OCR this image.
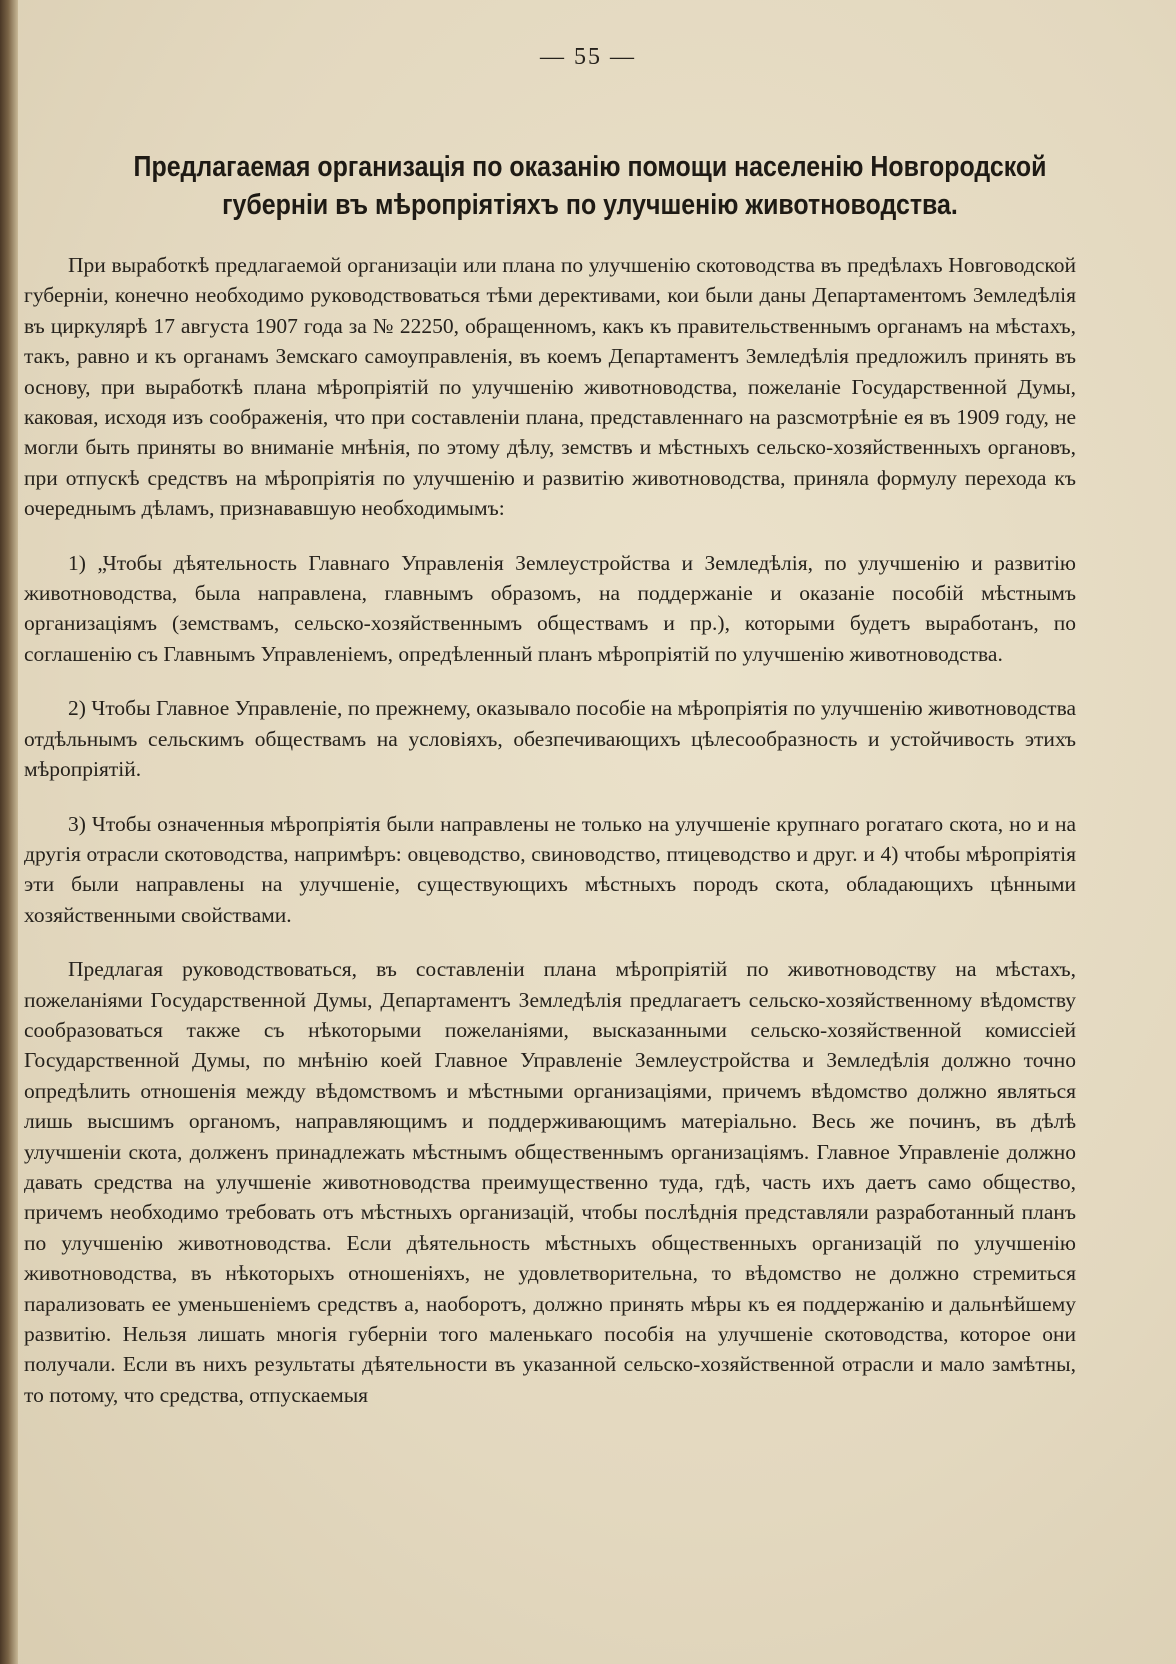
— 55 —
Предлагаемая организація по оказанію помощи населенію Новгородской
губерніи въ мѣропріятіяхъ по улучшенію животноводства.

При выработкѣ предлагаемой организаціи или плана по улучшенію скотоводства въ предѣлахъ Новговодской губерніи, конечно необходимо руководствоваться тѣми дерективами, кои были даны Департаментомъ Земледѣлія въ циркулярѣ 17 августа 1907 года за № 22250, обращенномъ, какъ къ правительственнымъ органамъ на мѣстахъ, такъ, равно и къ органамъ Земскаго самоуправленія, въ коемъ Департаментъ Земледѣлія предложилъ принять въ основу, при выработкѣ плана мѣропріятій по улучшенію животноводства, пожеланіе Государственной Думы, каковая, исходя изъ соображенія, что при составленіи плана, представленнаго на разсмотрѣніе ея въ 1909 году, не могли быть приняты во вниманіе мнѣнія, по этому дѣлу, земствъ и мѣстныхъ сельско-хозяйственныхъ органовъ, при отпускѣ средствъ на мѣропріятія по улучшенію и развитію животноводства, приняла формулу перехода къ очереднымъ дѣламъ, признававшую необходимымъ:

1) „Чтобы дѣятельность Главнаго Управленія Землеустройства и Земледѣлія, по улучшенію и развитію животноводства, была направлена, главнымъ образомъ, на поддержаніе и оказаніе пособій мѣстнымъ организаціямъ (земствамъ, сельско-хозяйственнымъ обществамъ и пр.), которыми будетъ выработанъ, по соглашенію съ Главнымъ Управленіемъ, опредѣленный планъ мѣропріятій по улучшенію животноводства.

2) Чтобы Главное Управленіе, по прежнему, оказывало пособіе на мѣропріятія по улучшенію животноводства отдѣльнымъ сельскимъ обществамъ на условіяхъ, обезпечивающихъ цѣлесообразность и устойчивость этихъ мѣропріятій.

3) Чтобы означенныя мѣропріятія были направлены не только на улучшеніе крупнаго рогатаго скота, но и на другія отрасли скотоводства, напримѣръ: овцеводство, свиноводство, птицеводство и друг. и 4) чтобы мѣропріятія эти были направлены на улучшеніе, существующихъ мѣстныхъ породъ скота, обладающихъ цѣнными хозяйственными свойствами.

Предлагая руководствоваться, въ составленіи плана мѣропріятій по животноводству на мѣстахъ, пожеланіями Государственной Думы, Департаментъ Земледѣлія предлагаетъ сельско-хозяйственному вѣдомству сообразоваться также съ нѣкоторыми пожеланіями, высказанными сельско-хозяйственной комиссіей Государственной Думы, по мнѣнію коей Главное Управленіе Землеустройства и Земледѣлія должно точно опредѣлить отношенія между вѣдомствомъ и мѣстными организаціями, причемъ вѣдомство должно являться лишь высшимъ органомъ, направляющимъ и поддерживающимъ матеріально. Весь же починъ, въ дѣлѣ улучшеніи скота, долженъ принадлежать мѣстнымъ общественнымъ организаціямъ. Главное Управленіе должно давать средства на улучшеніе животноводства преимущественно туда, гдѣ, часть ихъ даетъ само общество, причемъ необходимо требовать отъ мѣстныхъ организацій, чтобы послѣднія представляли разработанный планъ по улучшенію животноводства. Если дѣятельность мѣстныхъ общественныхъ организацій по улучшенію животноводства, въ нѣкоторыхъ отношеніяхъ, не удовлетворительна, то вѣдомство не должно стремиться парализовать ее уменьшеніемъ средствъ а, наоборотъ, должно принять мѣры къ ея поддержанію и дальнѣйшему развитію. Нельзя лишать многія губерніи того маленькаго пособія на улучшеніе скотоводства, которое они получали. Если въ нихъ результаты дѣятельности въ указанной сельско-хозяйственной отрасли и мало замѣтны, то потому, что средства, отпускаемыя
